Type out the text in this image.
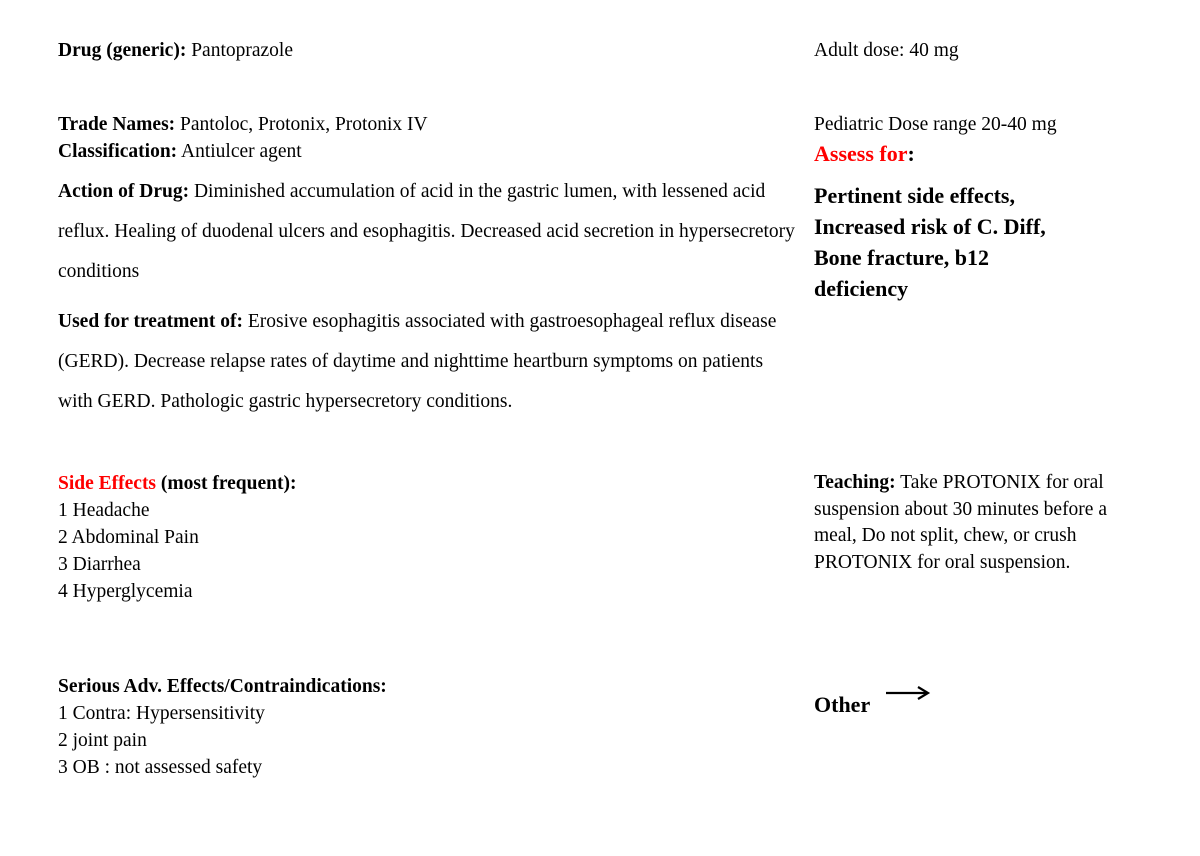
Drug (generic): Pantoprazole	Adult dose: 40 mg
Trade Names: Pantoloc, Protonix, Protonix IV	Pediatric Dose range 20-40 mg
Classification: Antiulcer agent	Assess for:
Pertinent side effects,
Increased risk of C. Diff,
Bone fracture, b12
deficiency
Action of Drug: Diminished accumulation of acid in the gastric lumen, with lessened acid reflux. Healing of duodenal ulcers and esophagitis. Decreased acid secretion in hypersecretory conditions
Used for treatment of: Erosive esophagitis associated with gastroesophageal reflux disease (GERD). Decrease relapse rates of daytime and nighttime heartburn symptoms on patients with GERD. Pathologic gastric hypersecretory conditions.
Side Effects (most frequent):
1 Headache
2 Abdominal Pain
3 Diarrhea
4 Hyperglycemia
Teaching: Take PROTONIX for oral suspension about 30 minutes before a meal, Do not split, chew, or crush PROTONIX for oral suspension.
Serious Adv. Effects/Contraindications:
1 Contra: Hypersensitivity
2 joint pain
3 OB : not assessed safety
Other
